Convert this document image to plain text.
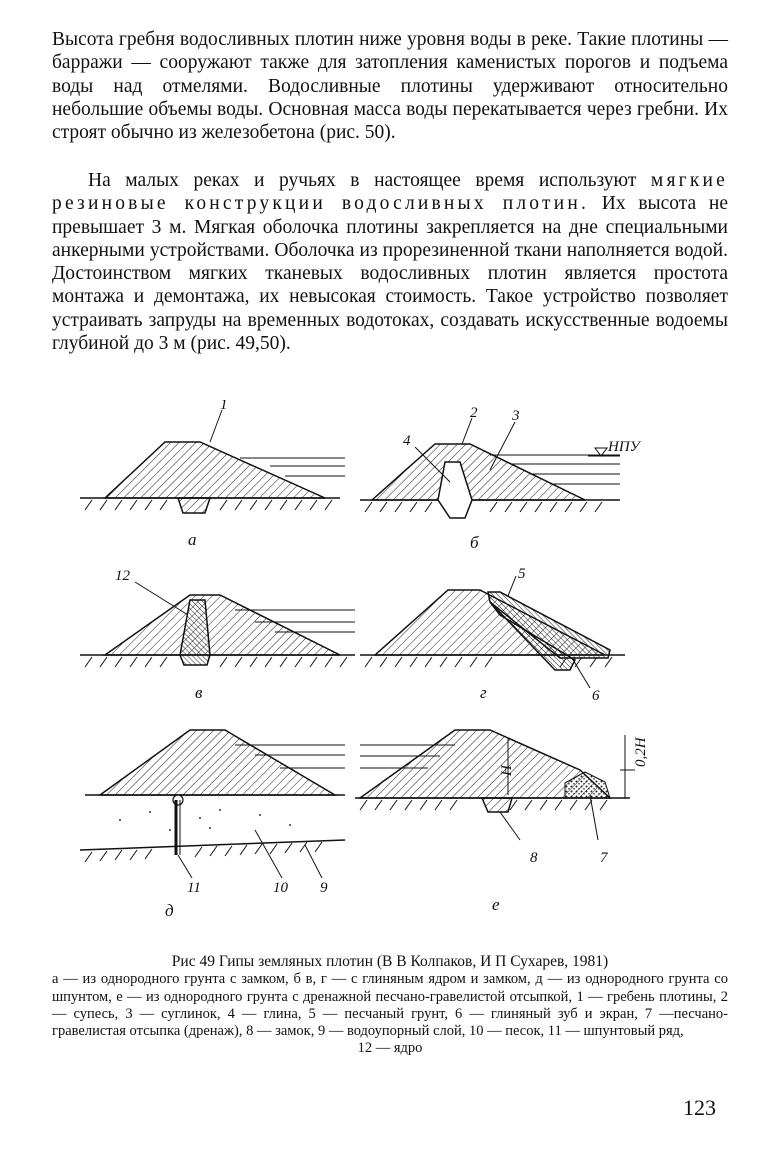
Высота гребня водосливных плотин ниже уровня воды в реке. Такие плотины — барражи — сооружают также для затопления каменистых порогов и подъема воды над отмелями. Водосливные плотины удерживают относительно небольшие объемы воды. Основная масса воды перекатывается через гребни. Их строят обычно из железобетона (рис. 50).

На малых реках и ручьях в настоящее время используют мягкие резиновые конструкции водосливных плотин. Их высота не превышает 3 м. Мягкая оболочка плотины закрепляется на дне специальными анкерными устройствами. Оболочка из прорезиненной ткани наполняется водой. Достоинством мягких тканевых водосливных плотин является простота монтажа и демонтажа, их невысокая стоимость. Такое устройство позволяет устраивать запруды на временных водотоках, создавать искусственные водоемы глубиной до 3 м (рис. 49,50).

1
а
НПУ
2 3
4
б
12
в
5
6
г
11	10 9
д
H
0,2H
8	7
е
Рис 49 Гипы земляных плотин (В В Колпаков, И П Сухарев, 1981)
а — из однородного грунта с замком, б в, г — с глиняным ядром и замком, д — из однородного грунта со шпунтом, е — из однородного грунта с дренажной песчано-гравелистой отсыпкой, 1 — гребень плотины, 2 — супесь, 3 — суглинок, 4 — глина, 5 — песчаный грунт, 6 — глиняный зуб и экран, 7 —песчано-гравелистая отсыпка (дренаж), 8 — замок, 9 — водоупорный слой, 10 — песок, 11 — шпунтовый ряд,
12 — ядро
123
